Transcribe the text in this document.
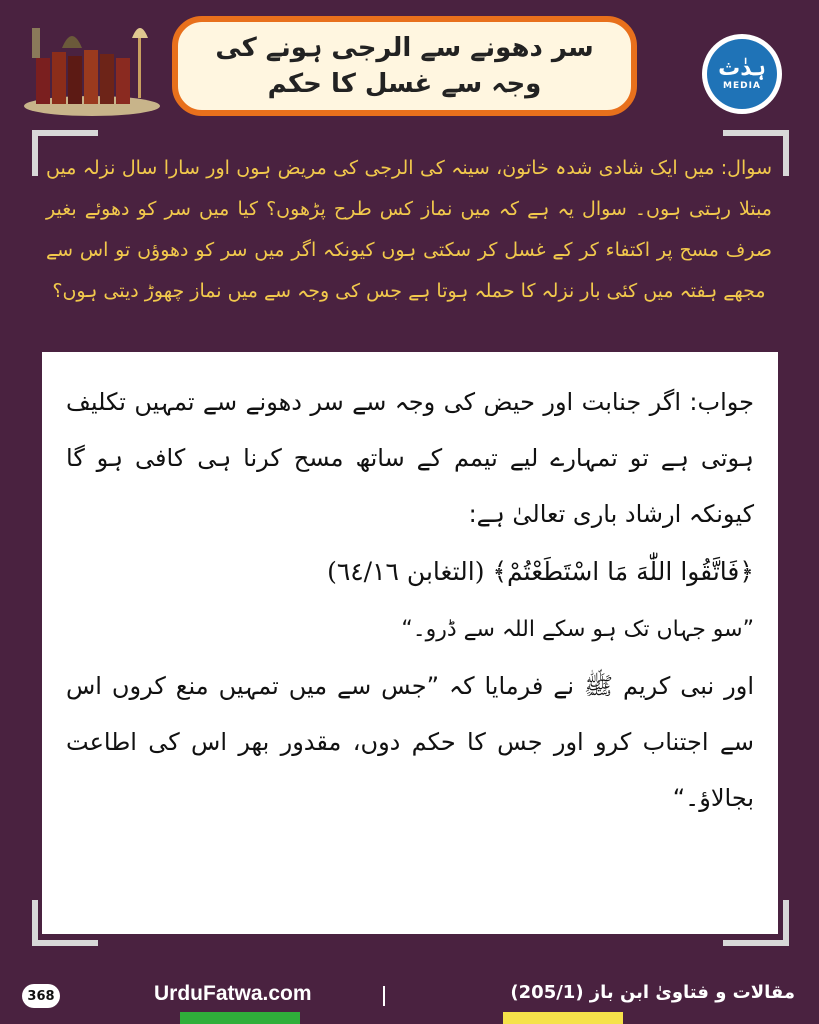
سر دھونے سے الرجی ہونے کی
وجہ سے غسل کا حکم
ہدٰث
MEDIA
سوال: میں ایک شادی شدہ خاتون، سینہ کی الرجی کی مریض ہوں اور سارا سال نزلہ میں مبتلا رہتی ہوں۔ سوال یہ ہے کہ میں نماز کس طرح پڑھوں؟ کیا میں سر کو دھوئے بغیر صرف مسح پر اکتفاء کر کے غسل کر سکتی ہوں کیونکہ اگر میں سر کو دھوؤں تو اس سے مجھے ہفتہ میں کئی بار نزلہ کا حملہ ہوتا ہے جس کی وجہ سے میں نماز چھوڑ دیتی ہوں؟

جواب: اگر جنابت اور حیض کی وجہ سے سر دھونے سے تمہیں تکلیف ہوتی ہے تو تمہارے لیے تیمم کے ساتھ مسح کرنا ہی کافی ہو گا کیونکہ ارشاد باری تعالیٰ ہے:

﴿فَاتَّقُوا اللّٰهَ مَا اسْتَطَعْتُمْ﴾ (التغابن ٦٤/١٦)

”سو جہاں تک ہو سکے اللہ سے ڈرو۔“

اور نبی کریم ﷺ نے فرمایا کہ ”جس سے میں تمہیں منع کروں اس سے اجتناب کرو اور جس کا حکم دوں، مقدور بھر اس کی اطاعت بجالاؤ۔“

368	UrduFatwa.com	مقالات و فتاویٰ ابن باز (205/1)
